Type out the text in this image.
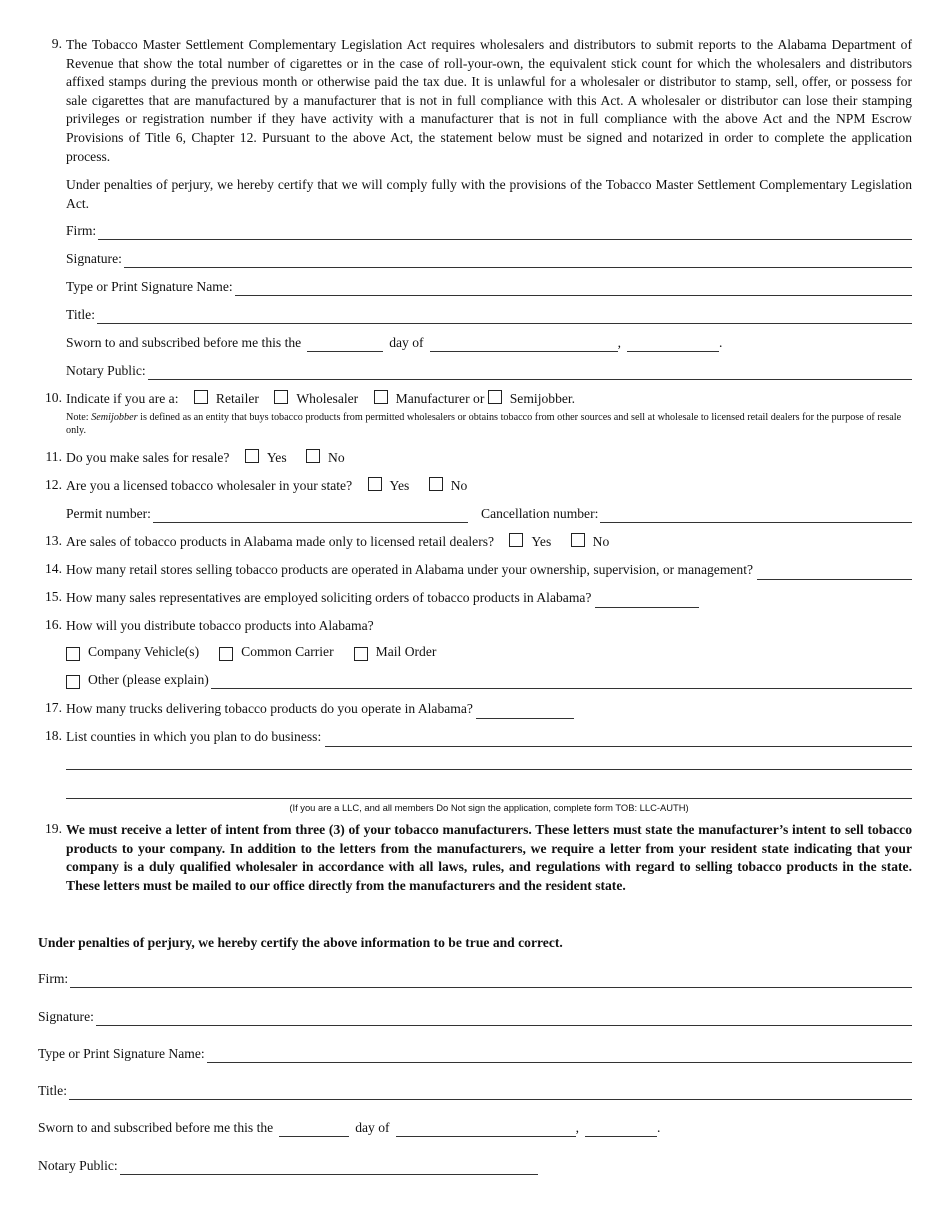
9. The Tobacco Master Settlement Complementary Legislation Act requires wholesalers and distributors to submit reports to the Alabama Department of Revenue that show the total number of cigarettes or in the case of roll-your-own, the equivalent stick count for which the wholesalers and distributors affixed stamps during the previous month or otherwise paid the tax due. It is unlawful for a wholesaler or distributor to stamp, sell, offer, or possess for sale cigarettes that are manufactured by a manufacturer that is not in full compliance with this Act. A wholesaler or distributor can lose their stamping privileges or registration number if they have activity with a manufacturer that is not in full compliance with the above Act and the NPM Escrow Provisions of Title 6, Chapter 12. Pursuant to the above Act, the statement below must be signed and notarized in order to complete the application process.
Under penalties of perjury, we hereby certify that we will comply fully with the provisions of the Tobacco Master Settlement Complementary Legislation Act.
Firm:
Signature:
Type or Print Signature Name:
Title:
Sworn to and subscribed before me this the	day of	,	.
Notary Public:
10. Indicate if you are a:	Retailer	Wholesaler	Manufacturer or Semijobber.
Note: Semijobber is defined as an entity that buys tobacco products from permitted wholesalers or obtains tobacco from other sources and sell at wholesale to licensed retail dealers for the purpose of resale only.
11. Do you make sales for resale?	Yes	No
12. Are you a licensed tobacco wholesaler in your state?	Yes	No
Permit number:	Cancellation number:
13. Are sales of tobacco products in Alabama made only to licensed retail dealers?	Yes	No
14. How many retail stores selling tobacco products are operated in Alabama under your ownership, supervision, or management?
15. How many sales representatives are employed soliciting orders of tobacco products in Alabama?
16. How will you distribute tobacco products into Alabama?
Company Vehicle(s)	Common Carrier	Mail Order
Other (please explain)
17. How many trucks delivering tobacco products do you operate in Alabama?
18. List counties in which you plan to do business:
(If you are a LLC, and all members Do Not sign the application, complete form TOB: LLC-AUTH)
19. We must receive a letter of intent from three (3) of your tobacco manufacturers. These letters must state the manufacturer’s intent to sell tobacco products to your company. In addition to the letters from the manufacturers, we require a letter from your resident state indicating that your company is a duly qualified wholesaler in accordance with all laws, rules, and regulations with regard to selling tobacco products in the state. These letters must be mailed to our office directly from the manufacturers and the resident state.
Under penalties of perjury, we hereby certify the above information to be true and correct.
Firm:
Signature:
Type or Print Signature Name:
Title:
Sworn to and subscribed before me this the	day of	,	.
Notary Public:
